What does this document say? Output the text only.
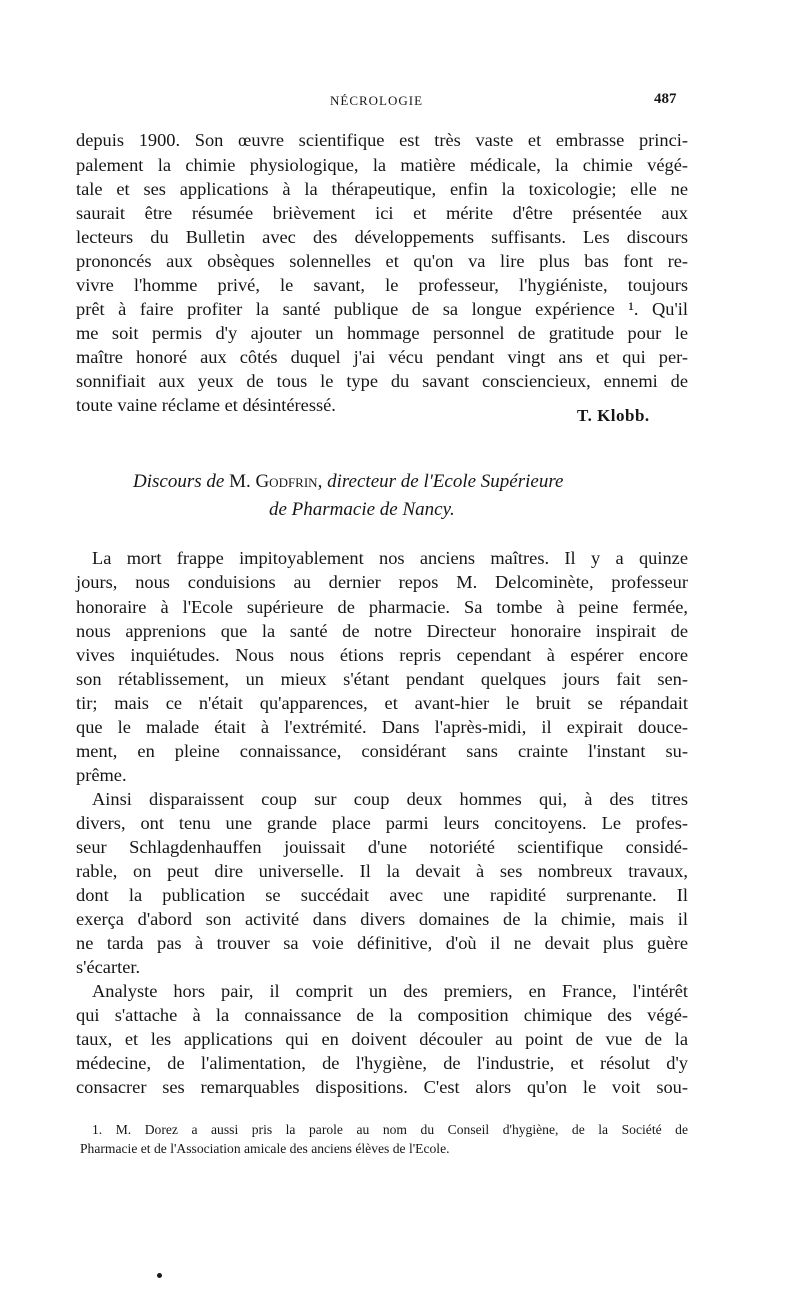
NÉCROLOGIE	487
depuis 1900. Son œuvre scientifique est très vaste et embrasse princi-
palement la chimie physiologique, la matière médicale, la chimie végé-
tale et ses applications à la thérapeutique, enfin la toxicologie; elle ne
saurait être résumée brièvement ici et mérite d'être présentée aux
lecteurs du Bulletin avec des développements suffisants. Les discours
prononcés aux obsèques solennelles et qu'on va lire plus bas font re-
vivre l'homme privé, le savant, le professeur, l'hygiéniste, toujours
prêt à faire profiter la santé publique de sa longue expérience ¹. Qu'il
me soit permis d'y ajouter un hommage personnel de gratitude pour le
maître honoré aux côtés duquel j'ai vécu pendant vingt ans et qui per-
sonnifiait aux yeux de tous le type du savant consciencieux, ennemi de
toute vaine réclame et désintéressé.
T. Klobb.
Discours de M. Godfrin, directeur de l'Ecole Supérieure
de Pharmacie de Nancy.
La mort frappe impitoyablement nos anciens maîtres. Il y a quinze
jours, nous conduisions au dernier repos M. Delcominète, professeur
honoraire à l'Ecole supérieure de pharmacie. Sa tombe à peine fermée,
nous apprenions que la santé de notre Directeur honoraire inspirait de
vives inquiétudes. Nous nous étions repris cependant à espérer encore
son rétablissement, un mieux s'étant pendant quelques jours fait sen-
tir; mais ce n'était qu'apparences, et avant-hier le bruit se répandait
que le malade était à l'extrémité. Dans l'après-midi, il expirait douce-
ment, en pleine connaissance, considérant sans crainte l'instant su-
prême.
Ainsi disparaissent coup sur coup deux hommes qui, à des titres
divers, ont tenu une grande place parmi leurs concitoyens. Le profes-
seur Schlagdenhauffen jouissait d'une notoriété scientifique considé-
rable, on peut dire universelle. Il la devait à ses nombreux travaux,
dont la publication se succédait avec une rapidité surprenante. Il
exerça d'abord son activité dans divers domaines de la chimie, mais il
ne tarda pas à trouver sa voie définitive, d'où il ne devait plus guère
s'écarter.
Analyste hors pair, il comprit un des premiers, en France, l'intérêt
qui s'attache à la connaissance de la composition chimique des végé-
taux, et les applications qui en doivent découler au point de vue de la
médecine, de l'alimentation, de l'hygiène, de l'industrie, et résolut d'y
consacrer ses remarquables dispositions. C'est alors qu'on le voit sou-
1. M. Dorez a aussi pris la parole au nom du Conseil d'hygiène, de la Société de
Pharmacie et de l'Association amicale des anciens élèves de l'Ecole.
